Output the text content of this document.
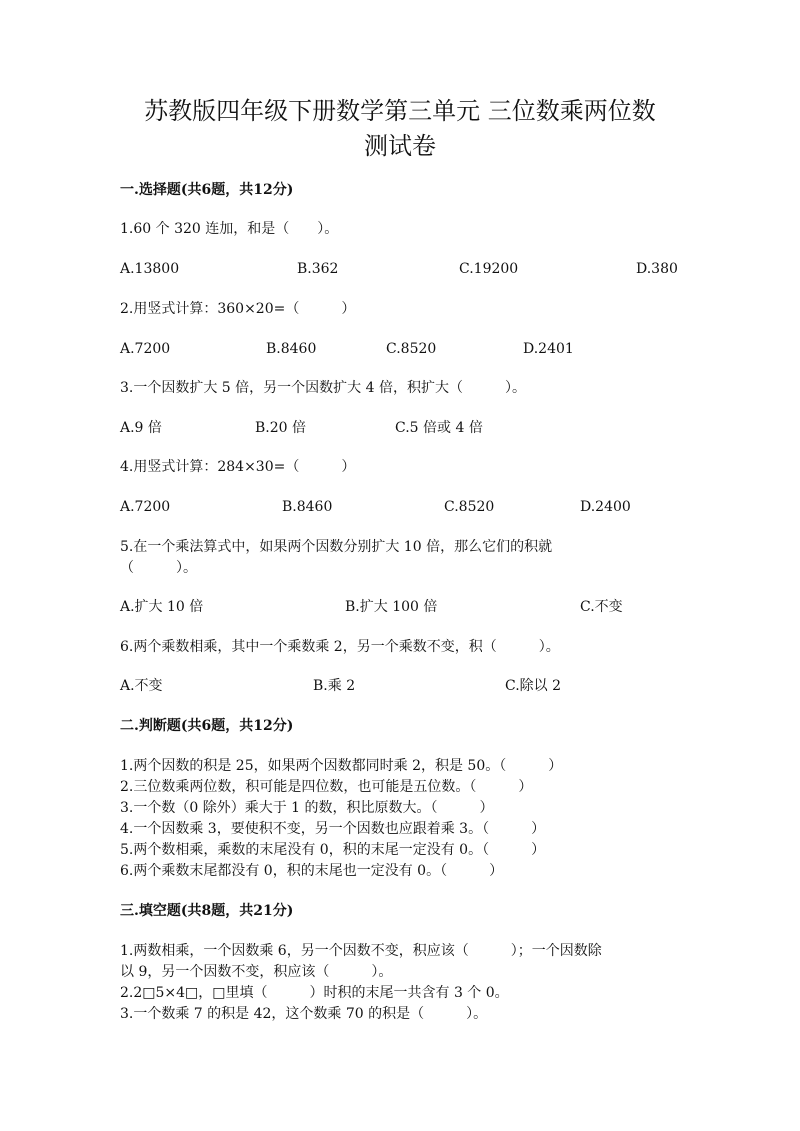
苏教版四年级下册数学第三单元 三位数乘两位数
测试卷
一.选择题(共6题，共12分)
1.60 个 320 连加，和是（　　）。
A.13800	B.362	C.19200	D.380
2.用竖式计算：360×20=（　　　）
A.7200	B.8460	C.8520	D.2401
3.一个因数扩大 5 倍，另一个因数扩大 4 倍，积扩大（　　　）。
A.9 倍	B.20 倍	C.5 倍或 4 倍
4.用竖式计算：284×30=（　　　）
A.7200	B.8460	C.8520	D.2400
5.在一个乘法算式中，如果两个因数分别扩大 10 倍，那么它们的积就
（　　　）。
A.扩大 10 倍	B.扩大 100 倍	C.不变
6.两个乘数相乘，其中一个乘数乘 2，另一个乘数不变，积（　　　）。
A.不变	B.乘 2	C.除以 2
二.判断题(共6题，共12分)
1.两个因数的积是 25，如果两个因数都同时乘 2，积是 50。（　　　）
2.三位数乘两位数，积可能是四位数，也可能是五位数。（　　　）
3.一个数（0 除外）乘大于 1 的数，积比原数大。（　　　）
4.一个因数乘 3，要使积不变，另一个因数也应跟着乘 3。（　　　）
5.两个数相乘，乘数的末尾没有 0，积的末尾一定没有 0。（　　　）
6.两个乘数末尾都没有 0，积的末尾也一定没有 0。（　　　）
三.填空题(共8题，共21分)
1.两数相乘，一个因数乘 6，另一个因数不变，积应该（　　　）；一个因数除
以 9，另一个因数不变，积应该（　　　）。
2.2□5×4□，□里填（　　　）时积的末尾一共含有 3 个 0。
3.一个数乘 7 的积是 42，这个数乘 70 的积是（　　　）。
